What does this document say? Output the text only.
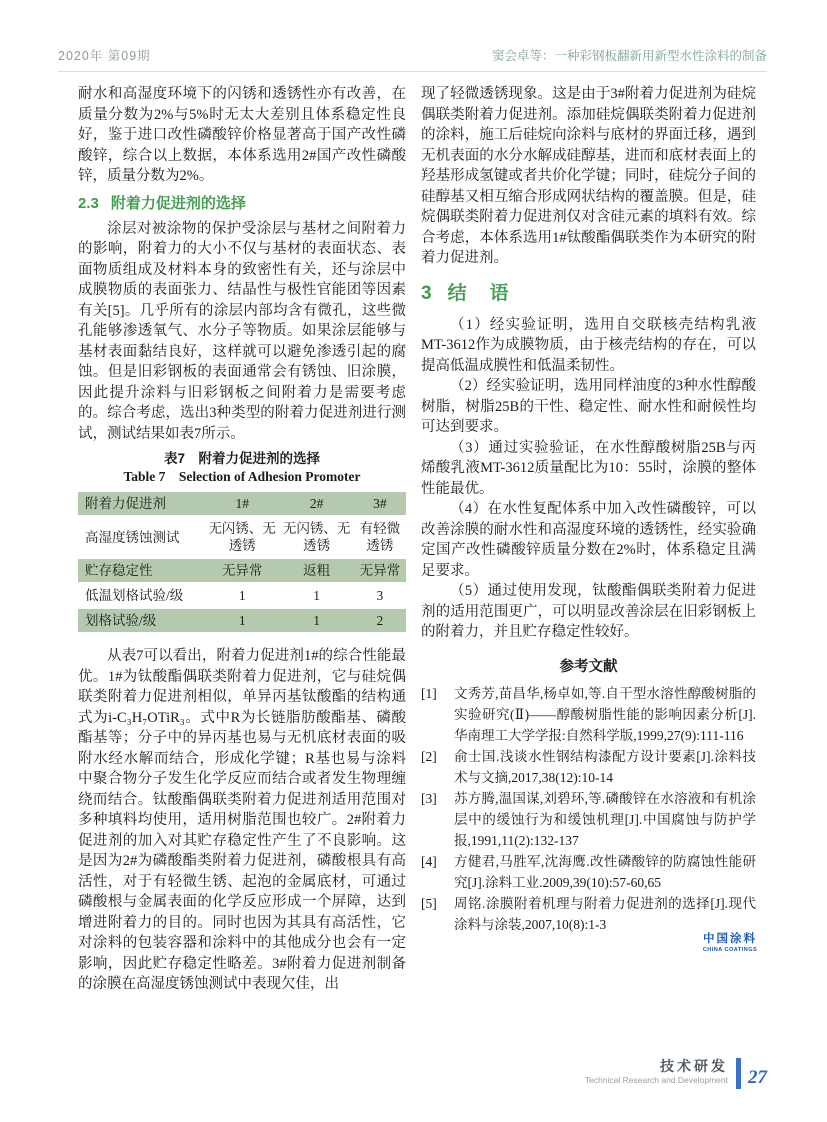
2020年 第09期	窦会卓等：一种彩钢板翻新用新型水性涂料的制备

耐水和高湿度环境下的闪锈和透锈性亦有改善，在质量分数为2%与5%时无太大差别且体系稳定性良好，鉴于进口改性磷酸锌价格显著高于国产改性磷酸锌，综合以上数据，本体系选用2#国产改性磷酸锌，质量分数为2%。

2.3 附着力促进剂的选择

涂层对被涂物的保护受涂层与基材之间附着力的影响，附着力的大小不仅与基材的表面状态、表面物质组成及材料本身的致密性有关，还与涂层中成膜物质的表面张力、结晶性与极性官能团等因素有关[5]。几乎所有的涂层内部均含有微孔，这些微孔能够渗透氧气、水分子等物质。如果涂层能够与基材表面黏结良好，这样就可以避免渗透引起的腐蚀。但是旧彩钢板的表面通常会有锈蚀、旧涂膜，因此提升涂料与旧彩钢板之间附着力是需要考虑的。综合考虑，选出3种类型的附着力促进剂进行测试，测试结果如表7所示。

表7　附着力促进剂的选择
Table 7　Selection of Adhesion Promoter
附着力促进剂	1#	2#	3#
高湿度锈蚀测试	无闪锈、无透锈	无闪锈、无透锈	有轻微透锈
贮存稳定性	无异常	返粗	无异常
低温划格试验/级	1	1	3
划格试验/级	1	1	2

从表7可以看出，附着力促进剂1#的综合性能最优。1#为钛酸酯偶联类附着力促进剂，它与硅烷偶联类附着力促进剂相似，单异丙基钛酸酯的结构通式为i-C₃H₇OTiR₃。式中R为长链脂肪酸酯基、磷酸酯基等；分子中的异丙基也易与无机底材表面的吸附水经水解而结合，形成化学键；R基也易与涂料中聚合物分子发生化学反应而结合或者发生物理缠绕而结合。钛酸酯偶联类附着力促进剂适用范围对多种填料均使用，适用树脂范围也较广。2#附着力促进剂的加入对其贮存稳定性产生了不良影响。这是因为2#为磷酸酯类附着力促进剂，磷酸根具有高活性，对于有轻微生锈、起泡的金属底材，可通过磷酸根与金属表面的化学反应形成一个屏障，达到增进附着力的目的。同时也因为其具有高活性，它对涂料的包装容器和涂料中的其他成分也会有一定影响，因此贮存稳定性略差。3#附着力促进剂制备的涂膜在高湿度锈蚀测试中表现欠佳，出

现了轻微透锈现象。这是由于3#附着力促进剂为硅烷偶联类附着力促进剂。添加硅烷偶联类附着力促进剂的涂料，施工后硅烷向涂料与底材的界面迁移，遇到无机表面的水分水解成硅醇基，进而和底材表面上的羟基形成氢键或者共价化学键；同时，硅烷分子间的硅醇基又相互缩合形成网状结构的覆盖膜。但是，硅烷偶联类附着力促进剂仅对含硅元素的填料有效。综合考虑，本体系选用1#钛酸酯偶联类作为本研究的附着力促进剂。

3 结　语

（1）经实验证明，选用自交联核壳结构乳液MT-3612作为成膜物质，由于核壳结构的存在，可以提高低温成膜性和低温柔韧性。

（2）经实验证明，选用同样油度的3种水性醇酸树脂，树脂25B的干性、稳定性、耐水性和耐候性均可达到要求。

（3）通过实验验证，在水性醇酸树脂25B与丙烯酸乳液MT-3612质量配比为10：55时，涂膜的整体性能最优。

（4）在水性复配体系中加入改性磷酸锌，可以改善涂膜的耐水性和高湿度环境的透锈性，经实验确定国产改性磷酸锌质量分数在2%时，体系稳定且满足要求。

（5）通过使用发现，钛酸酯偶联类附着力促进剂的适用范围更广，可以明显改善涂层在旧彩钢板上的附着力，并且贮存稳定性较好。

参考文献
[1]	文秀芳,苗昌华,杨卓如,等.自干型水溶性醇酸树脂的实验研究(Ⅱ)——醇酸树脂性能的影响因素分析[J].华南理工大学学报:自然科学版,1999,27(9):111-116
[2]	俞士国.浅谈水性钢结构漆配方设计要素[J].涂料技术与文摘,2017,38(12):10-14
[3]	苏方腾,温国谋,刘碧环,等.磷酸锌在水溶液和有机涂层中的缓蚀行为和缓蚀机理[J].中国腐蚀与防护学报,1991,11(2):132-137
[4]	方健君,马胜军,沈海鹰.改性磷酸锌的防腐蚀性能研究[J].涂料工业.2009,39(10):57-60,65
[5]	周铭.涂膜附着机理与附着力促进剂的选择[J].现代涂料与涂装,2007,10(8):1-3
中国涂料
CHINA COATINGS
技术研发
Technical Research and Development 27
